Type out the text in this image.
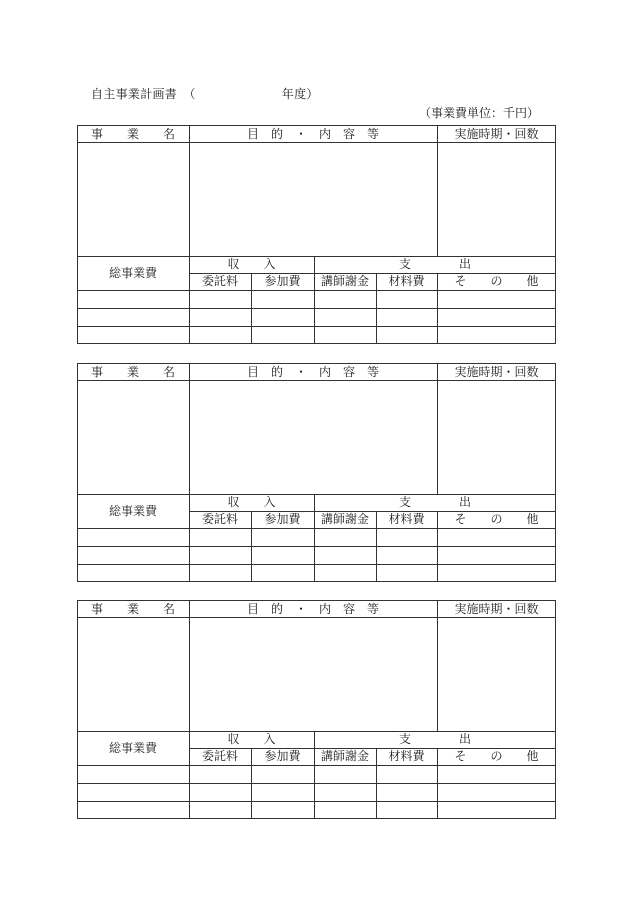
自主事業計画書　（　　　　　　　年度）
（事業費単位：千円）
事　　業　　名	目　的　・　内　容　等	実施時期・回数
総事業費
収　　入	支　　　　出
委託料	参加費	講師謝金	材料費	そ　　の　　他
事　　業　　名	目　的　・　内　容　等	実施時期・回数
総事業費
収　　入	支　　　　出
委託料	参加費	講師謝金	材料費	そ　　の　　他
事　　業　　名	目　的　・　内　容　等	実施時期・回数
総事業費
収　　入	支　　　　出
委託料	参加費	講師謝金	材料費	そ　　の　　他
